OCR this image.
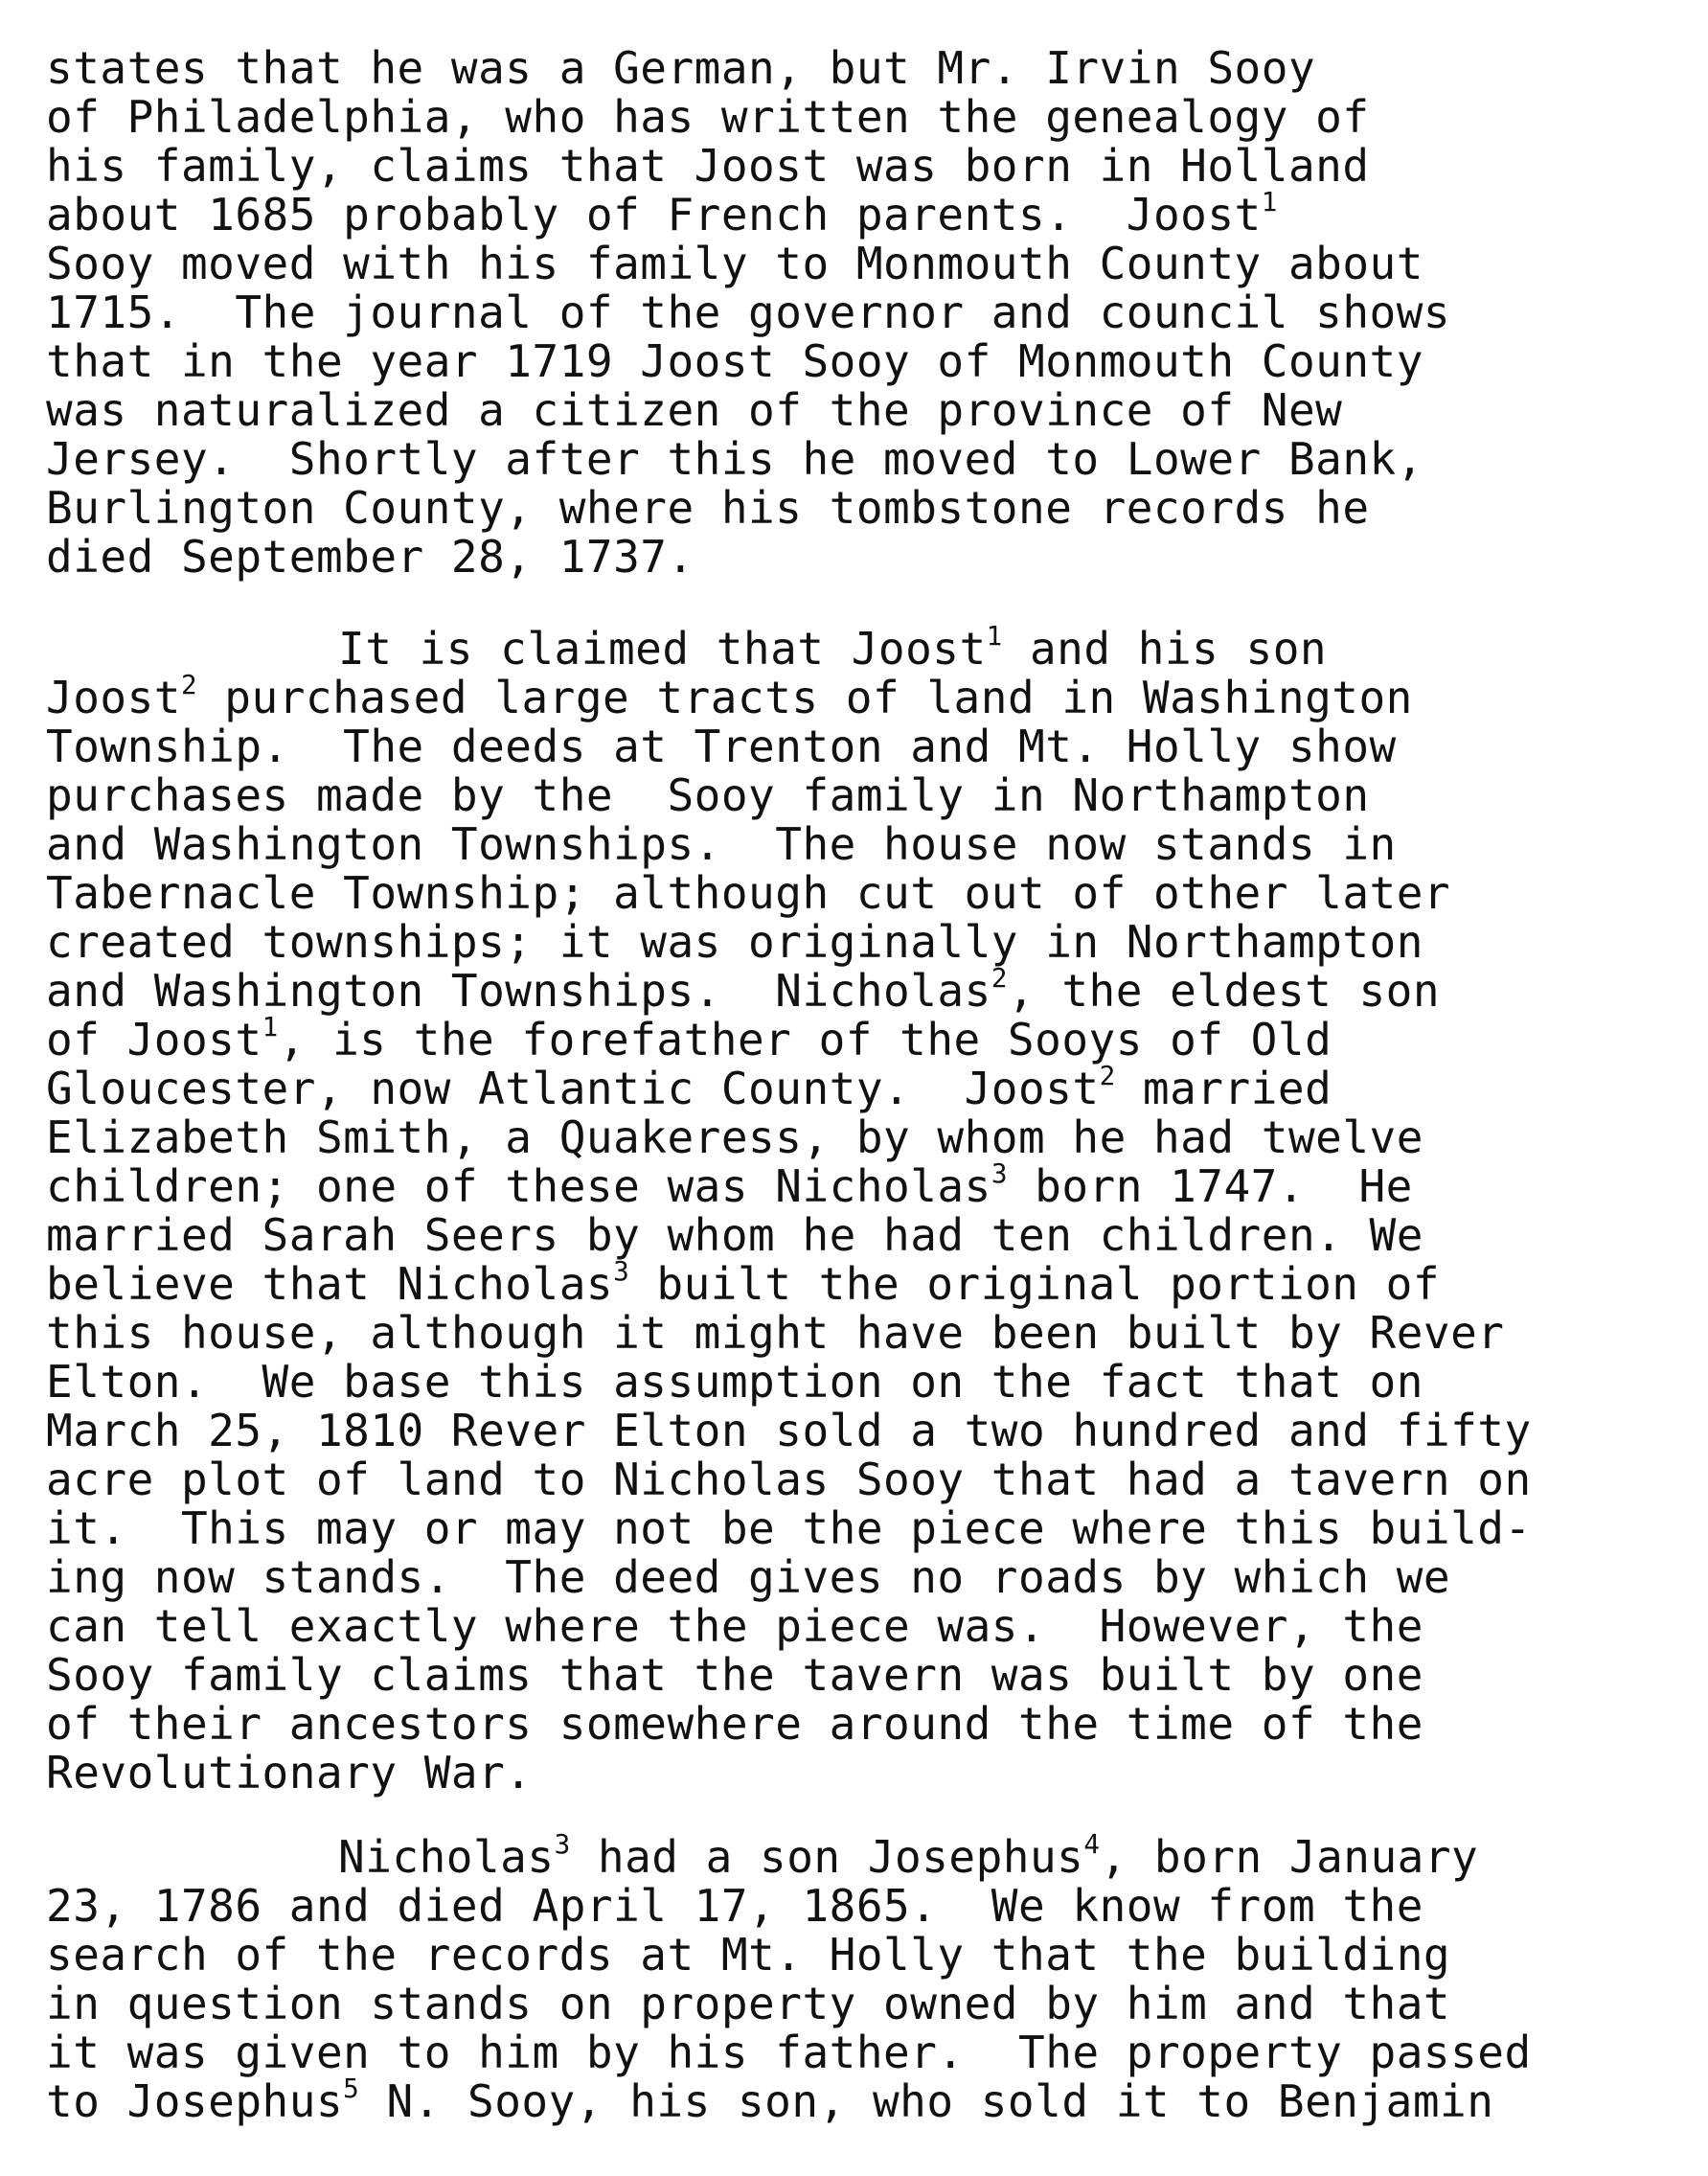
states that he was a German, but Mr. Irvin Sooy
of Philadelphia, who has written the genealogy of
his family, claims that Joost was born in Holland
about 1685 probably of French parents.  Joost$^1$
Sooy moved with his family to Monmouth County about
1715.  The journal of the governor and council shows
that in the year 1719 Joost Sooy of Monmouth County
was naturalized a citizen of the province of New
Jersey.  Shortly after this he moved to Lower Bank,
Burlington County, where his tombstone records he
died September 28, 1737.
It is claimed that Joost$^1$ and his son
Joost$^2$ purchased large tracts of land in Washington
Township.  The deeds at Trenton and Mt. Holly show
purchases made by the  Sooy family in Northampton
and Washington Townships.  The house now stands in
Tabernacle Township; although cut out of other later
created townships; it was originally in Northampton
and Washington Townships.  Nicholas$^2$, the eldest son
of Joost$^1$, is the forefather of the Sooys of Old
Gloucester, now Atlantic County.  Joost$^2$ married
Elizabeth Smith, a Quakeress, by whom he had twelve
children; one of these was Nicholas$^3$ born 1747.  He
married Sarah Seers by whom he had ten children. We
believe that Nicholas$^3$ built the original portion of
this house, although it might have been built by Rever
Elton.  We base this assumption on the fact that on
March 25, 1810 Rever Elton sold a two hundred and fifty
acre plot of land to Nicholas Sooy that had a tavern on
it.  This may or may not be the piece where this build-
ing now stands.  The deed gives no roads by which we
can tell exactly where the piece was.  However, the
Sooy family claims that the tavern was built by one
of their ancestors somewhere around the time of the
Revolutionary War.
Nicholas$^3$ had a son Josephus$^4$, born January
23, 1786 and died April 17, 1865.  We know from the
search of the records at Mt. Holly that the building
in question stands on property owned by him and that
it was given to him by his father.  The property passed
to Josephus$^5$ N. Sooy, his son, who sold it to Benjamin
